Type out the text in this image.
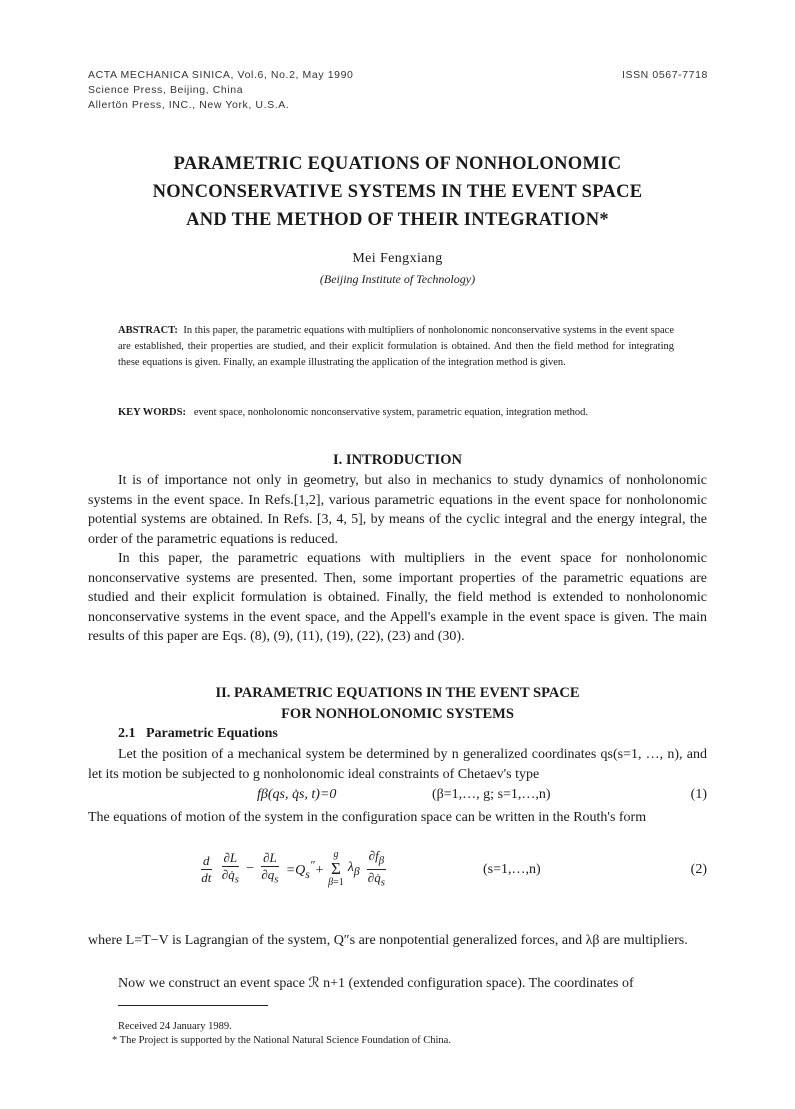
ACTA MECHANICA SINICA, Vol.6, No.2, May 1990	ISSN 0567-7718
Science Press, Beijing, China
Allertön Press, INC., New York, U.S.A.
PARAMETRIC EQUATIONS OF NONHOLONOMIC
NONCONSERVATIVE SYSTEMS IN THE EVENT SPACE
AND THE METHOD OF THEIR INTEGRATION*
Mei Fengxiang
(Beijing Institute of Technology)
ABSTRACT: In this paper, the parametric equations with multipliers of nonholonomic nonconservative systems in the event space are established, their properties are studied, and their explicit formulation is obtained. And then the field method for integrating these equations is given. Finally, an example illustrating the application of the integration method is given.
KEY WORDS: event space, nonholonomic nonconservative system, parametric equation, integration method.
I. INTRODUCTION
It is of importance not only in geometry, but also in mechanics to study dynamics of nonholonomic systems in the event space. In Refs.[1,2], various parametric equations in the event space for nonholonomic potential systems are obtained. In Refs. [3, 4, 5], by means of the cyclic integral and the energy integral, the order of the parametric equations is reduced.
In this paper, the parametric equations with multipliers in the event space for nonholonomic nonconservative systems are presented. Then, some important properties of the parametric equations are studied and their explicit formulation is obtained. Finally, the field method is extended to nonholonomic nonconservative systems in the event space, and the Appell's example in the event space is given. The main results of this paper are Eqs. (8), (9), (11), (19), (22), (23) and (30).
II. PARAMETRIC EQUATIONS IN THE EVENT SPACE
FOR NONHOLONOMIC SYSTEMS
2.1 Parametric Equations
Let the position of a mechanical system be determined by n generalized coordinates qs(s=1, …, n), and let its motion be subjected to g nonholonomic ideal constraints of Chetaev's type
fβ(qs, q̇s, t)=0	(β=1,…, g; s=1,…,n)	(1)
The equations of motion of the system in the configuration space can be written in the Routh's form
$\frac{d}{dt}$
$\frac{\partial L}{\partial q̇_s} - \frac{\partial L}{\partial q_s} =Q_s''+ g$
Σ
β=1 $\lambda_\beta \frac{\partial f_\beta}{\partial q̇_s}$	(s=1,…,n)	(2)
where L=T−V is Lagrangian of the system, Q″s are nonpotential generalized forces, and λβ are multipliers.
Now we construct an event space ℛ n+1 (extended configuration space). The coordinates of
Received 24 January 1989.
* The Project is supported by the National Natural Science Foundation of China.
